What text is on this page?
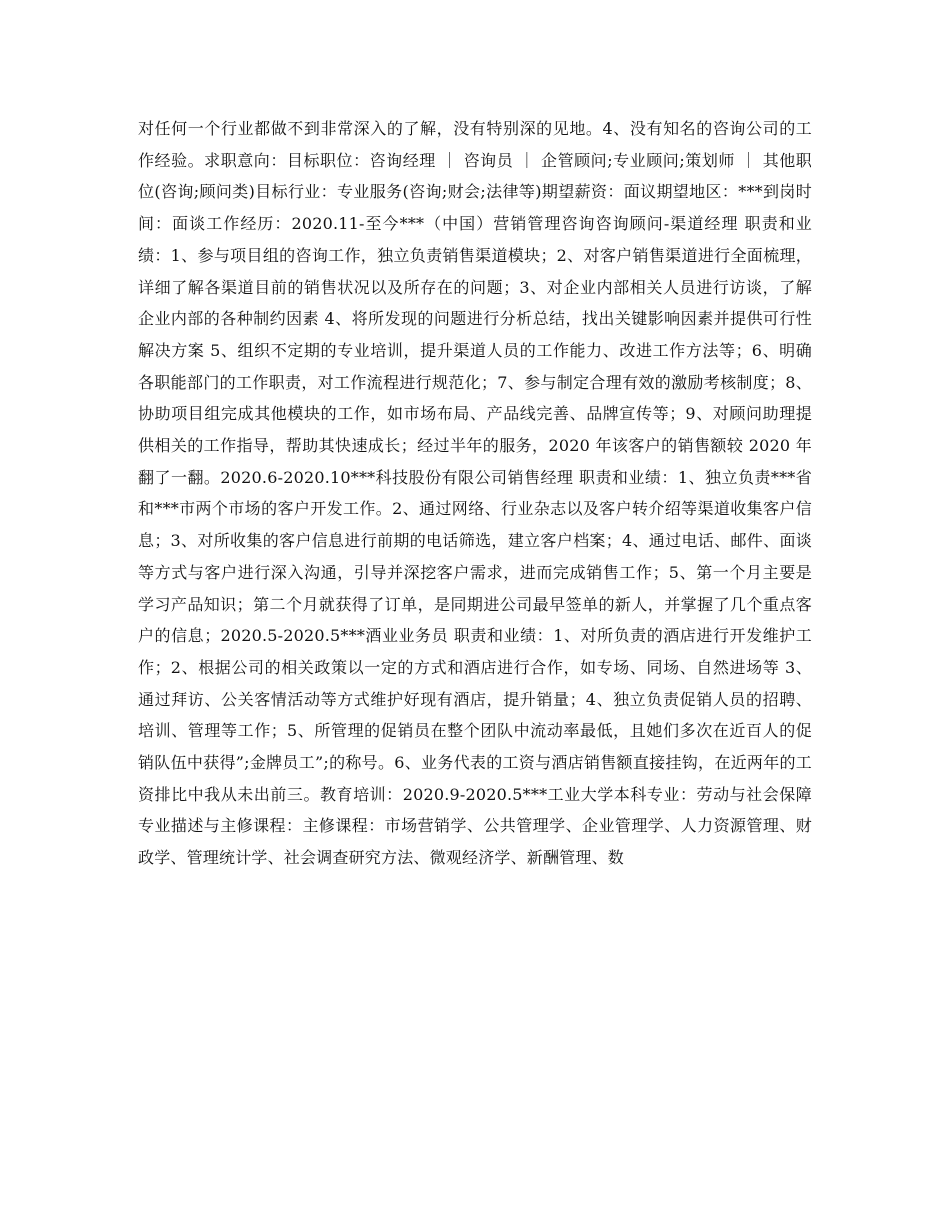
对任何一个行业都做不到非常深入的了解，没有特别深的见地。4、没有知名的咨询公司的工作经验。求职意向：目标职位：咨询经理 ｜ 咨询员 ｜ 企管顾问;专业顾问;策划师 ｜ 其他职位(咨询;顾问类)目标行业：专业服务(咨询;财会;法律等)期望薪资：面议期望地区：***到岗时间：面谈工作经历：2020.11-至今***（中国）营销管理咨询咨询顾问-渠道经理 职责和业绩：1、参与项目组的咨询工作，独立负责销售渠道模块；2、对客户销售渠道进行全面梳理，详细了解各渠道目前的销售状况以及所存在的问题；3、对企业内部相关人员进行访谈，了解企业内部的各种制约因素 4、将所发现的问题进行分析总结，找出关键影响因素并提供可行性解决方案 5、组织不定期的专业培训，提升渠道人员的工作能力、改进工作方法等；6、明确各职能部门的工作职责，对工作流程进行规范化；7、参与制定合理有效的激励考核制度；8、协助项目组完成其他模块的工作，如市场布局、产品线完善、品牌宣传等；9、对顾问助理提供相关的工作指导，帮助其快速成长；经过半年的服务，2020 年该客户的销售额较 2020 年翻了一翻。2020.6-2020.10***科技股份有限公司销售经理 职责和业绩：1、独立负责***省和***市两个市场的客户开发工作。2、通过网络、行业杂志以及客户转介绍等渠道收集客户信息；3、对所收集的客户信息进行前期的电话筛选，建立客户档案；4、通过电话、邮件、面谈等方式与客户进行深入沟通，引导并深挖客户需求，进而完成销售工作；5、第一个月主要是学习产品知识；第二个月就获得了订单，是同期进公司最早签单的新人，并掌握了几个重点客户的信息；2020.5-2020.5***酒业业务员 职责和业绩：1、对所负责的酒店进行开发维护工作；2、根据公司的相关政策以一定的方式和酒店进行合作，如专场、同场、自然进场等 3、通过拜访、公关客情活动等方式维护好现有酒店，提升销量；4、独立负责促销人员的招聘、培训、管理等工作；5、所管理的促销员在整个团队中流动率最低，且她们多次在近百人的促销队伍中获得”;金牌员工”;的称号。6、业务代表的工资与酒店销售额直接挂钩，在近两年的工资排比中我从未出前三。教育培训：2020.9-2020.5***工业大学本科专业：劳动与社会保障专业描述与主修课程：主修课程：市场营销学、公共管理学、企业管理学、人力资源管理、财政学、管理统计学、社会调查研究方法、微观经济学、新酬管理、数
